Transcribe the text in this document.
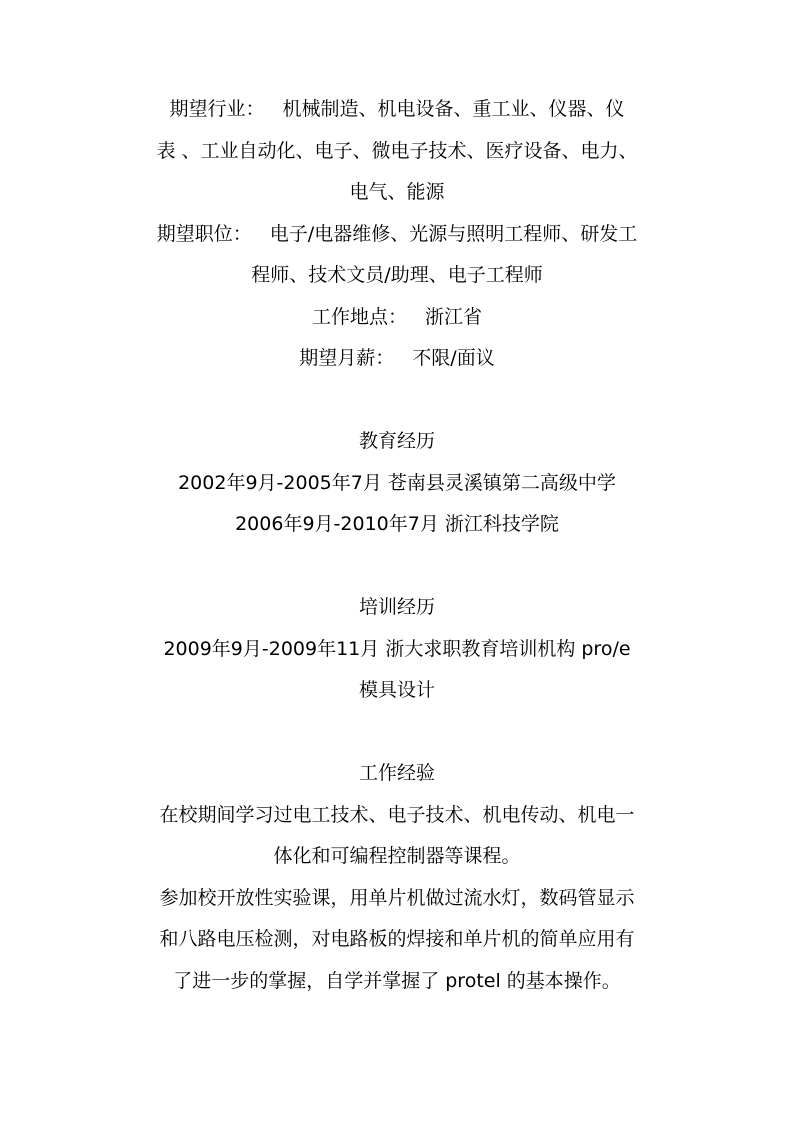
期望行业： 机械制造、机电设备、重工业、仪器、仪
表 、工业自动化、电子、微电子技术、医疗设备、电力、
电气、能源
期望职位： 电子/电器维修、光源与照明工程师、研发工
程师、技术文员/助理、电子工程师
工作地点： 浙江省
期望月薪： 不限/面议
教育经历
2002年9月-2005年7月 苍南县灵溪镇第二高级中学
2006年9月-2010年7月 浙江科技学院
培训经历
2009年9月-2009年11月 浙大求职教育培训机构 pro/e
模具设计
工作经验
在校期间学习过电工技术、电子技术、机电传动、机电一
体化和可编程控制器等课程。
参加校开放性实验课，用单片机做过流水灯，数码管显示
和八路电压检测，对电路板的焊接和单片机的简单应用有
了进一步的掌握，自学并掌握了 protel 的基本操作。
